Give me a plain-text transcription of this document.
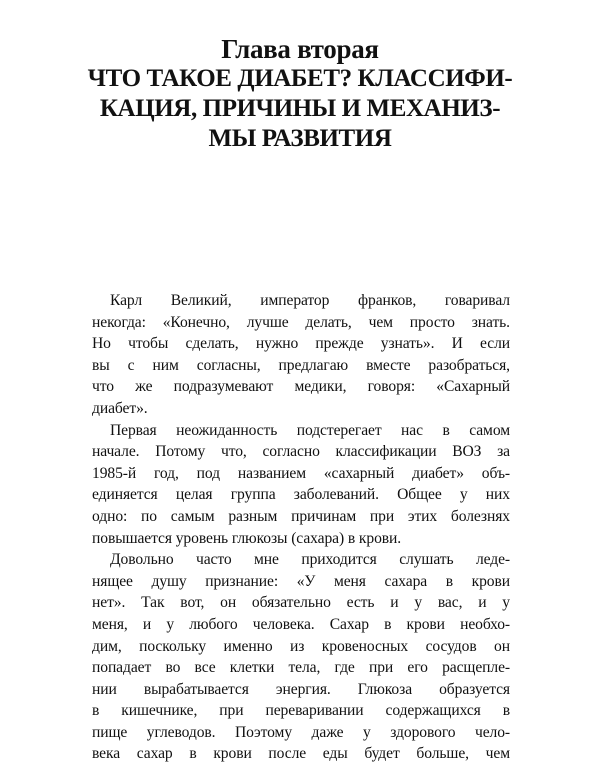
Глава вторая
ЧТО ТАКОЕ ДИАБЕТ? КЛАССИФИ-
КАЦИЯ, ПРИЧИНЫ И МЕХАНИЗ-
МЫ РАЗВИТИЯ
Карл Великий, император франков, говаривал
некогда: «Конечно, лучше делать, чем просто знать.
Но чтобы сделать, нужно прежде узнать». И если
вы с ним согласны, предлагаю вместе разобраться,
что же подразумевают медики, говоря: «Сахарный
диабет».
Первая неожиданность подстерегает нас в самом
начале. Потому что, согласно классификации ВОЗ за
1985-й год, под названием «сахарный диабет» объ-
единяется целая группа заболеваний. Общее у них
одно: по самым разным причинам при этих болезнях
повышается уровень глюкозы (сахара) в крови.
Довольно часто мне приходится слушать леде-
нящее душу признание: «У меня сахара в крови
нет». Так вот, он обязательно есть и у вас, и у
меня, и у любого человека. Сахар в крови необхо-
дим, поскольку именно из кровеносных сосудов он
попадает во все клетки тела, где при его расщепле-
нии вырабатывается энергия. Глюкоза образуется
в кишечнике, при переваривании содержащихся в
пище углеводов. Поэтому даже у здорового чело-
века сахар в крови после еды будет больше, чем
